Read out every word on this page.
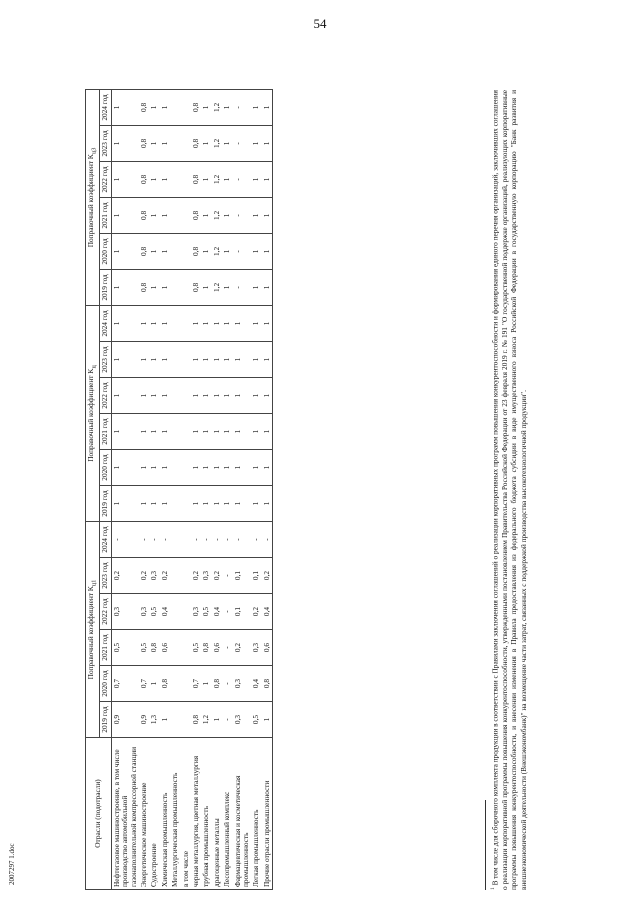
54
2007297 1.doc
Отрасли (подотрасли)	Поправочный коэффициент $K_{ц1}$						Поправочный коэффициент $K_ц$						Поправочный коэффициент $K_{ц3}$
	2019 год	2020 год	2021 год	2022 год	2023 год	2024 год	2019 год	2020 год	2021 год	2022 год	2023 год	2024 год	2019 год	2020 год	2021 год	2022 год	2023 год	2024 год
Нефтегазовое машиностроение, в том числе производство автомобильной газонаполнительной компрессорной станции	0,9	0,7	0,5	0,3	0,2	-	1	1	1	1	1	1	1	1	1	1	1	1
Энергетическое машиностроение	0,9	0,7	0,5	0,3	0,2	-	1	1	1	1	1	1	0,8	0,8	0,8	0,8	0,8	0,8
Судостроение	1,3	1	0,8	0,5	0,3	-	1	1	1	1	1	1	1	1	1	1	1	1
Химическая промышленность	1	0,8	0,6	0,4	0,2	-	1	1	1	1	1	1	1	1	1	1	1	1
Металлургическая промышленность																		
в том числе																		
черная металлургия, цветная металлургия	0,8	0,7	0,5	0,3	0,2	-	1	1	1	1	1	1	0,8	0,8	0,8	0,8	0,8	0,8
трубная промышленность	1,2	1	0,8	0,5	0,3	-	1	1	1	1	1	1	1	1	1	1	1	1
драгоценные металлы	1	0,8	0,6	0,4	0,2	-	1	1	1	1	1	1	1,2	1,2	1,2	1,2	1,2	1,2
Лесопромышленный комплекс	-	-	-	-	-	-	1	1	1	1	1	1	1	1	1	1	1	1
Фармацевтическая и косметическая промышленность	0,3	0,3	0,2	0,1	0,1	-	1	1	1	1	1	1	-	-	-	-	-	-
Легкая промышленность	0,5	0,4	0,3	0,2	0,1	-	1	1	1	1	1	1	1	1	1	1	1	1
Прочие отрасли промышленности	1	0,8	0,6	0,4	0,2	-	1	1	1	1	1	1	1	1	1	1	1	1
$^1$ В том числе для сборочного комплекта продукции в соответствии с Правилами заключения соглашений о реализации корпоративных программ повышения конкурентоспособности и формирования единого перечня организаций, заключивших соглашения о реализации корпоративной программы повышения конкурентоспособности, утвержденными постановлением Правительства Российской Федерации от 23 февраля 2019 г. № 191 "О государственной поддержке организаций, реализующих корпоративные программы повышения конкурентоспособности, и внесении изменения в Правила предоставления из федерального бюджета субсидии в виде имущественного взноса Российской Федерации в государственную корпорацию "Банк развития и внешнеэкономической деятельности (Внешэкономбанк)" на возмещение части затрат, связанных с поддержкой производства высокотехнологичной продукции".
